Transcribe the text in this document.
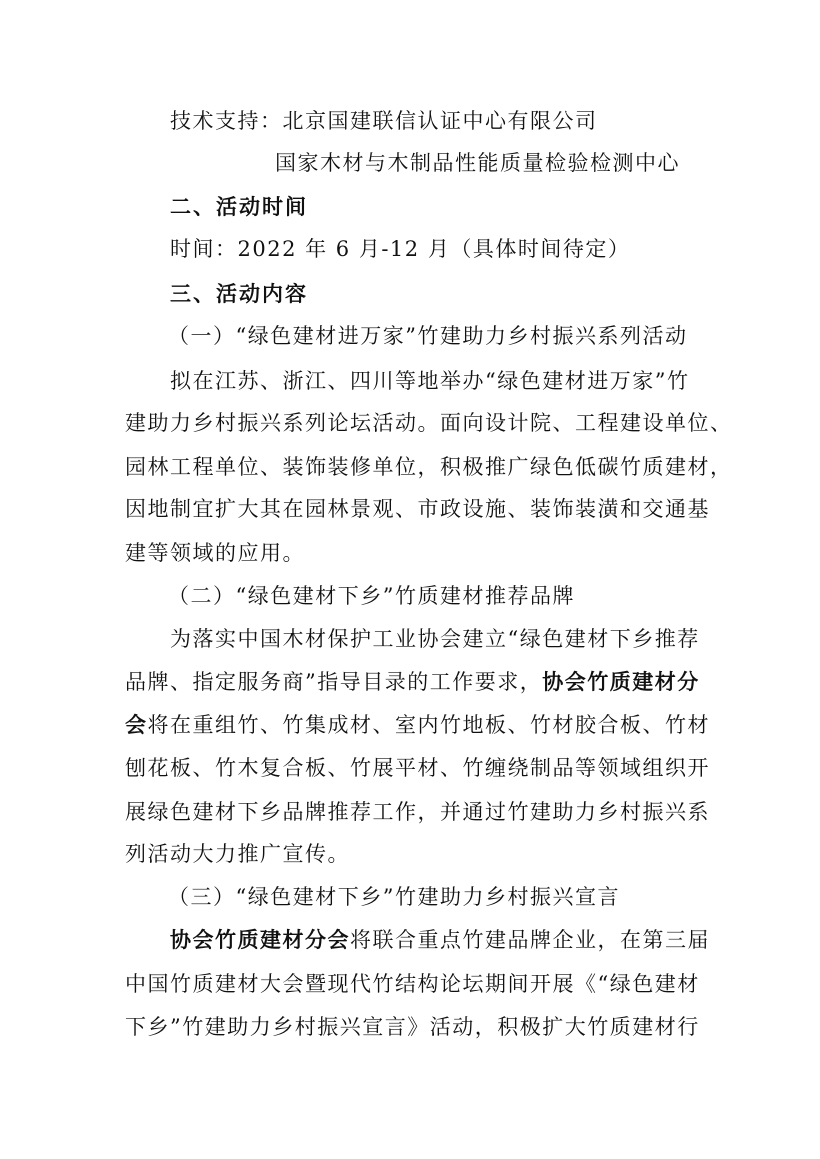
技术支持：北京国建联信认证中心有限公司
国家木材与木制品性能质量检验检测中心
二、活动时间
时间：2022 年 6 月-12 月（具体时间待定）
三、活动内容
（一）“绿色建材进万家”竹建助力乡村振兴系列活动
拟在江苏、浙江、四川等地举办“绿色建材进万家”竹
建助力乡村振兴系列论坛活动。面向设计院、工程建设单位、
园林工程单位、装饰装修单位，积极推广绿色低碳竹质建材，
因地制宜扩大其在园林景观、市政设施、装饰装潢和交通基
建等领域的应用。
（二）“绿色建材下乡”竹质建材推荐品牌
为落实中国木材保护工业协会建立“绿色建材下乡推荐
品牌、指定服务商”指导目录的工作要求，协会竹质建材分
会将在重组竹、竹集成材、室内竹地板、竹材胶合板、竹材
刨花板、竹木复合板、竹展平材、竹缠绕制品等领域组织开
展绿色建材下乡品牌推荐工作，并通过竹建助力乡村振兴系
列活动大力推广宣传。
（三）“绿色建材下乡”竹建助力乡村振兴宣言
协会竹质建材分会将联合重点竹建品牌企业，在第三届
中国竹质建材大会暨现代竹结构论坛期间开展《“绿色建材
下乡”竹建助力乡村振兴宣言》活动，积极扩大竹质建材行
